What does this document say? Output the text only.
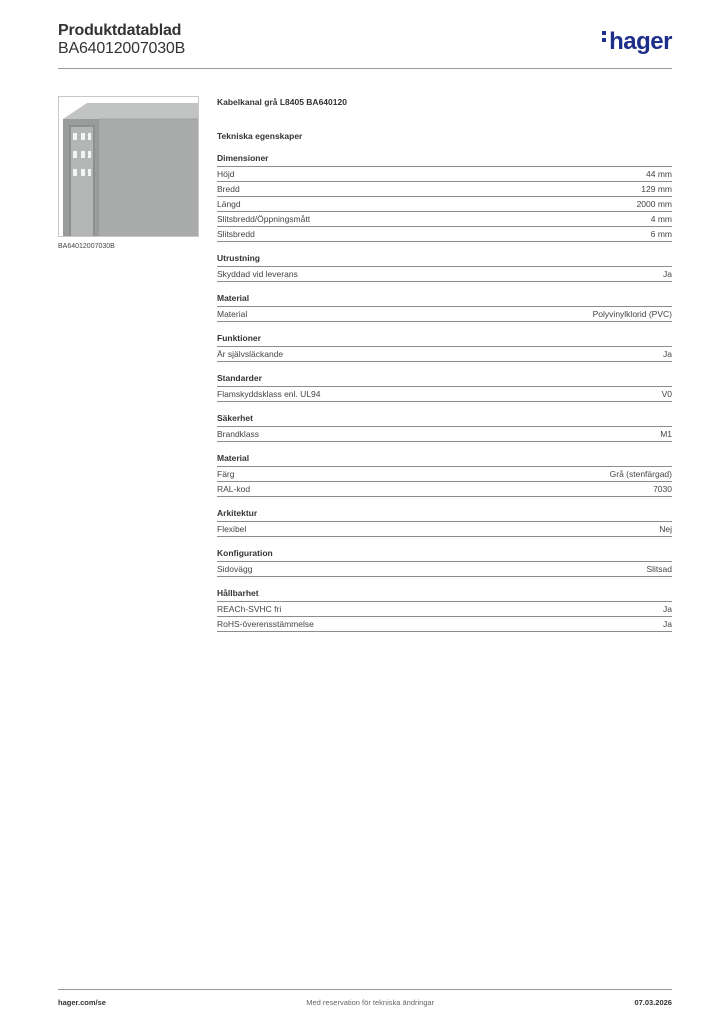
Produktdatablad
BA64012007030B	hager
BA64012007030B
Kabelkanal grå L8405 BA640120
Tekniska egenskaper
Dimensioner
Höjd	44 mm
Bredd	129 mm
Längd	2000 mm
Slitsbredd/Öppningsmått	4 mm
Slitsbredd	6 mm
Utrustning
Skyddad vid leverans	Ja
Material
Material	Polyvinylklorid (PVC)
Funktioner
Är självsläckande	Ja
Standarder
Flamskyddsklass enl. UL94	V0
Säkerhet
Brandklass	M1
Material
Färg	Grå (stenfärgad)
RAL-kod	7030
Arkitektur
Flexibel	Nej
Konfiguration
Sidovägg	Slitsad
Hållbarhet
REACh-SVHC fri	Ja
RoHS-överensstämmelse	Ja
hager.com/se	Med reservation för tekniska ändringar	07.03.2026
